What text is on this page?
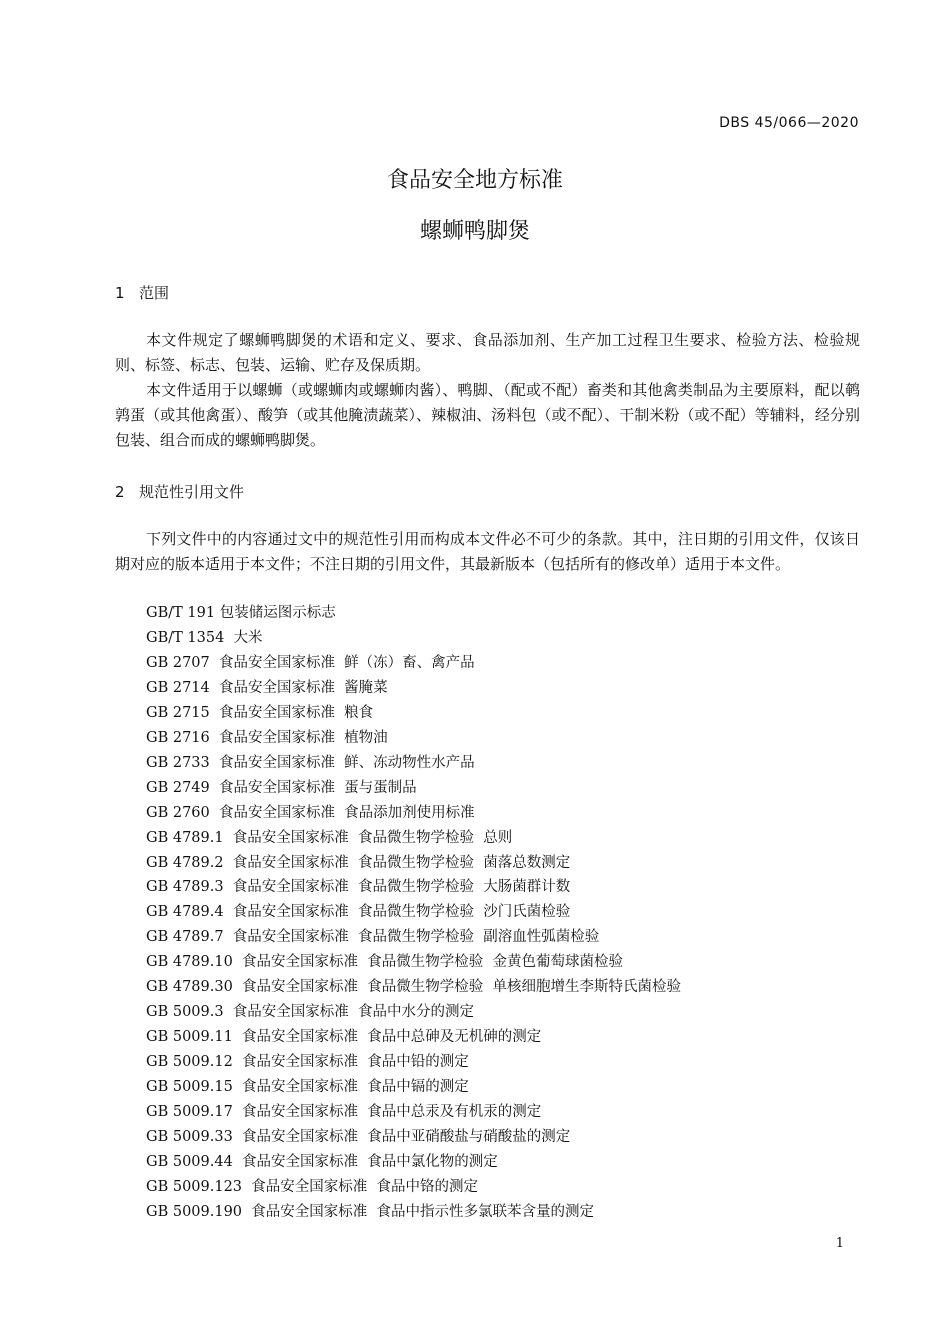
DBS 45/066—2020
食品安全地方标准
螺蛳鸭脚煲
1 范围

本文件规定了螺蛳鸭脚煲的术语和定义、要求、食品添加剂、生产加工过程卫生要求、检验方法、检验规则、标签、标志、包装、运输、贮存及保质期。

本文件适用于以螺蛳（或螺蛳肉或螺蛳肉酱）、鸭脚、（配或不配）畜类和其他禽类制品为主要原料，配以鹌鹑蛋（或其他禽蛋）、酸笋（或其他腌渍蔬菜）、辣椒油、汤料包（或不配）、干制米粉（或不配）等辅料，经分别包装、组合而成的螺蛳鸭脚煲。

2 规范性引用文件

下列文件中的内容通过文中的规范性引用而构成本文件必不可少的条款。其中，注日期的引用文件，仅该日期对应的版本适用于本文件；不注日期的引用文件，其最新版本（包括所有的修改单）适用于本文件。

GB/T 191 包装储运图示标志
GB/T 1354  大米
GB 2707  食品安全国家标准  鲜（冻）畜、禽产品
GB 2714  食品安全国家标准  酱腌菜
GB 2715  食品安全国家标准  粮食
GB 2716  食品安全国家标准  植物油
GB 2733  食品安全国家标准  鲜、冻动物性水产品
GB 2749  食品安全国家标准  蛋与蛋制品
GB 2760  食品安全国家标准  食品添加剂使用标准
GB 4789.1  食品安全国家标准  食品微生物学检验  总则
GB 4789.2  食品安全国家标准  食品微生物学检验  菌落总数测定
GB 4789.3  食品安全国家标准  食品微生物学检验  大肠菌群计数
GB 4789.4  食品安全国家标准  食品微生物学检验  沙门氏菌检验
GB 4789.7  食品安全国家标准  食品微生物学检验  副溶血性弧菌检验
GB 4789.10  食品安全国家标准  食品微生物学检验  金黄色葡萄球菌检验
GB 4789.30  食品安全国家标准  食品微生物学检验  单核细胞增生李斯特氏菌检验
GB 5009.3  食品安全国家标准  食品中水分的测定
GB 5009.11  食品安全国家标准  食品中总砷及无机砷的测定
GB 5009.12  食品安全国家标准  食品中铅的测定
GB 5009.15  食品安全国家标准  食品中镉的测定
GB 5009.17  食品安全国家标准  食品中总汞及有机汞的测定
GB 5009.33  食品安全国家标准  食品中亚硝酸盐与硝酸盐的测定
GB 5009.44  食品安全国家标准  食品中氯化物的测定
GB 5009.123  食品安全国家标准  食品中铬的测定
GB 5009.190  食品安全国家标准  食品中指示性多氯联苯含量的测定
1
